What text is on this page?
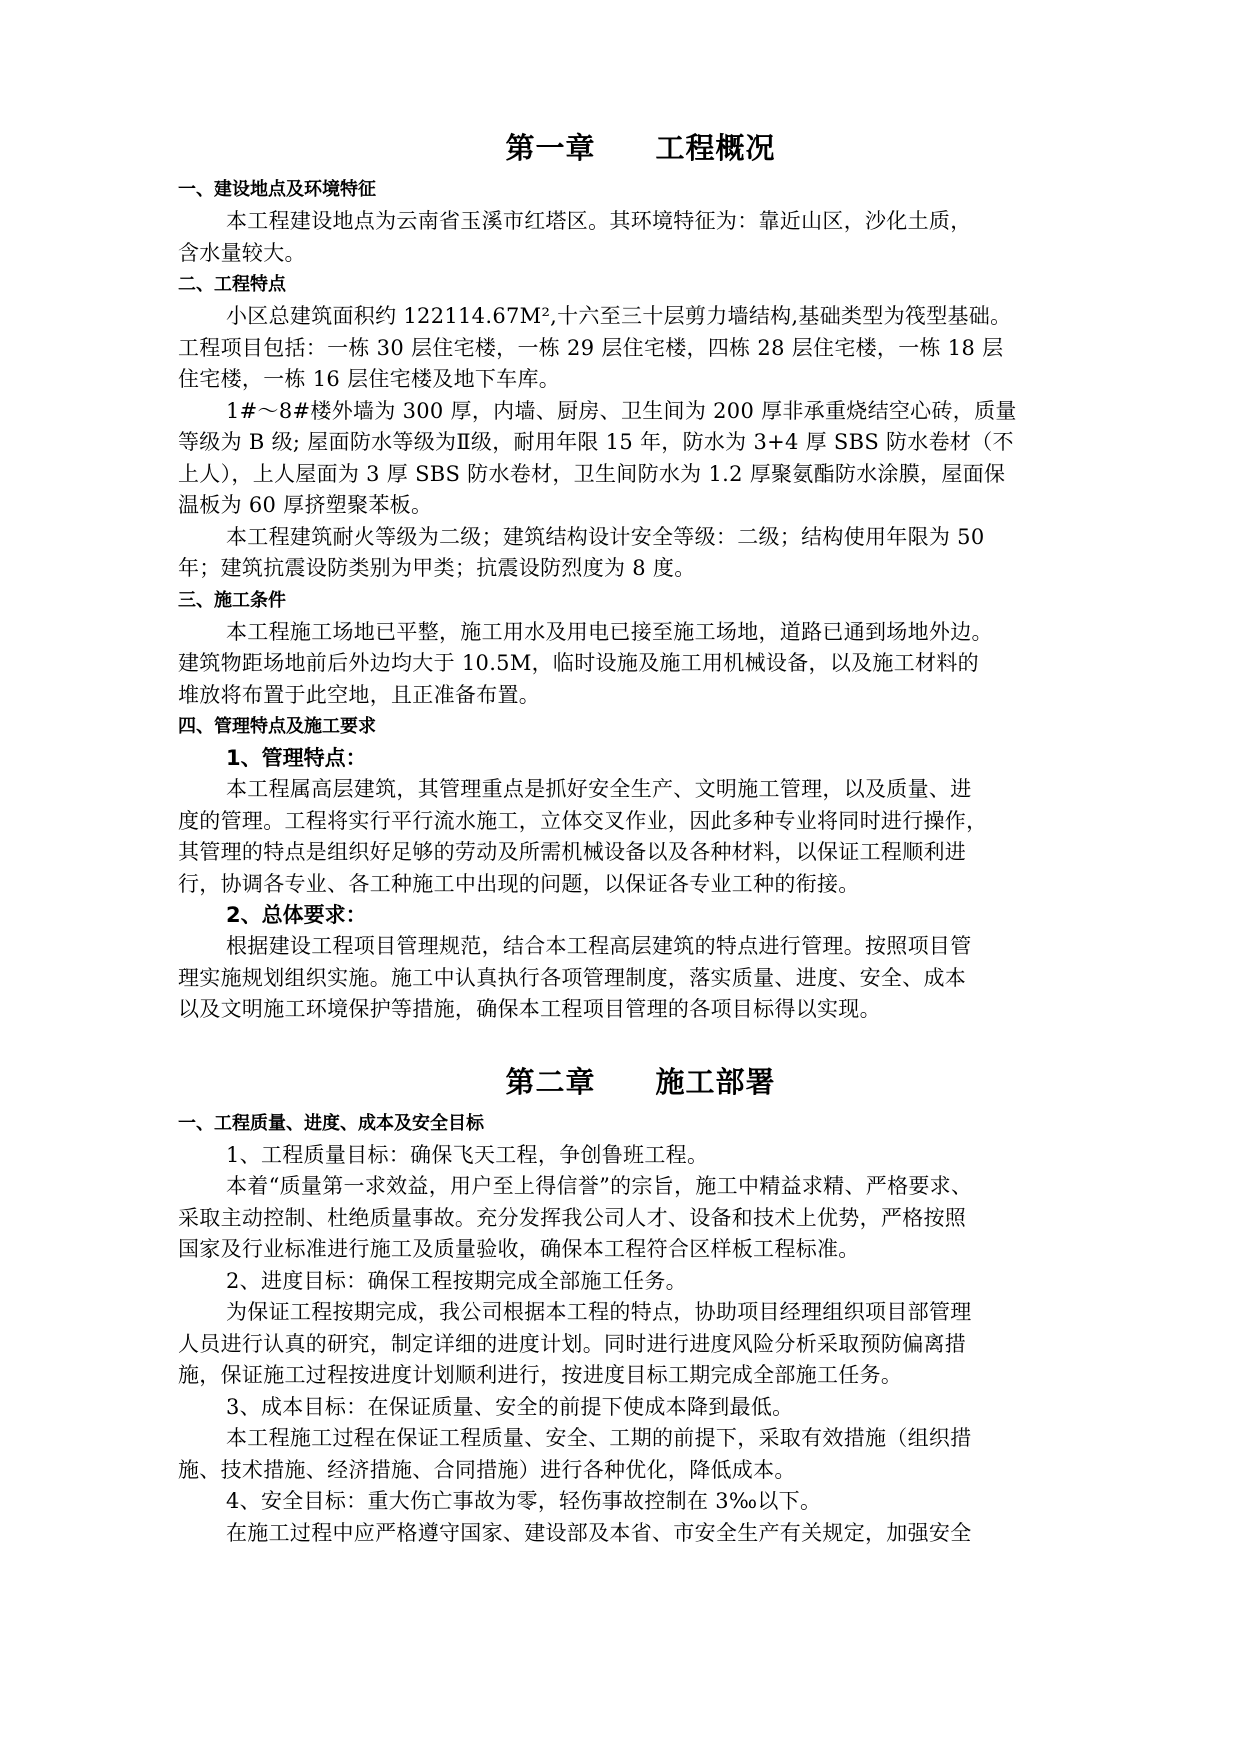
第一章　　工程概况
一、建设地点及环境特征

本工程建设地点为云南省玉溪市红塔区。其环境特征为：靠近山区，沙化土质，
含水量较大。

二、工程特点

小区总建筑面积约 122114.67M²,十六至三十层剪力墙结构,基础类型为筏型基础。
工程项目包括：一栋 30 层住宅楼，一栋 29 层住宅楼，四栋 28 层住宅楼，一栋 18 层
住宅楼，一栋 16 层住宅楼及地下车库。

1#～8#楼外墙为 300 厚，内墙、厨房、卫生间为 200 厚非承重烧结空心砖，质量
等级为 B 级; 屋面防水等级为Ⅱ级，耐用年限 15 年，防水为 3+4 厚 SBS 防水卷材（不
上人），上人屋面为 3 厚 SBS 防水卷材，卫生间防水为 1.2 厚聚氨酯防水涂膜，屋面保
温板为 60 厚挤塑聚苯板。

本工程建筑耐火等级为二级；建筑结构设计安全等级：二级；结构使用年限为 50
年；建筑抗震设防类别为甲类；抗震设防烈度为 8 度。

三、施工条件

本工程施工场地已平整，施工用水及用电已接至施工场地，道路已通到场地外边。
建筑物距场地前后外边均大于 10.5M，临时设施及施工用机械设备，以及施工材料的
堆放将布置于此空地，且正准备布置。

四、管理特点及施工要求
1、管理特点：

本工程属高层建筑，其管理重点是抓好安全生产、文明施工管理，以及质量、进
度的管理。工程将实行平行流水施工，立体交叉作业，因此多种专业将同时进行操作，
其管理的特点是组织好足够的劳动及所需机械设备以及各种材料，以保证工程顺利进
行，协调各专业、各工种施工中出现的问题，以保证各专业工种的衔接。

2、总体要求：

根据建设工程项目管理规范，结合本工程高层建筑的特点进行管理。按照项目管
理实施规划组织实施。施工中认真执行各项管理制度，落实质量、进度、安全、成本
以及文明施工环境保护等措施，确保本工程项目管理的各项目标得以实现。

第二章　　施工部署
一、工程质量、进度、成本及安全目标

1、工程质量目标：确保飞天工程，争创鲁班工程。

本着“质量第一求效益，用户至上得信誉”的宗旨，施工中精益求精、严格要求、
采取主动控制、杜绝质量事故。充分发挥我公司人才、设备和技术上优势，严格按照
国家及行业标准进行施工及质量验收，确保本工程符合区样板工程标准。

2、进度目标：确保工程按期完成全部施工任务。

为保证工程按期完成，我公司根据本工程的特点，协助项目经理组织项目部管理
人员进行认真的研究，制定详细的进度计划。同时进行进度风险分析采取预防偏离措
施，保证施工过程按进度计划顺利进行，按进度目标工期完成全部施工任务。

3、成本目标：在保证质量、安全的前提下使成本降到最低。

本工程施工过程在保证工程质量、安全、工期的前提下，采取有效措施（组织措
施、技术措施、经济措施、合同措施）进行各种优化，降低成本。

4、安全目标：重大伤亡事故为零，轻伤事故控制在 3‰以下。

在施工过程中应严格遵守国家、建设部及本省、市安全生产有关规定，加强安全
